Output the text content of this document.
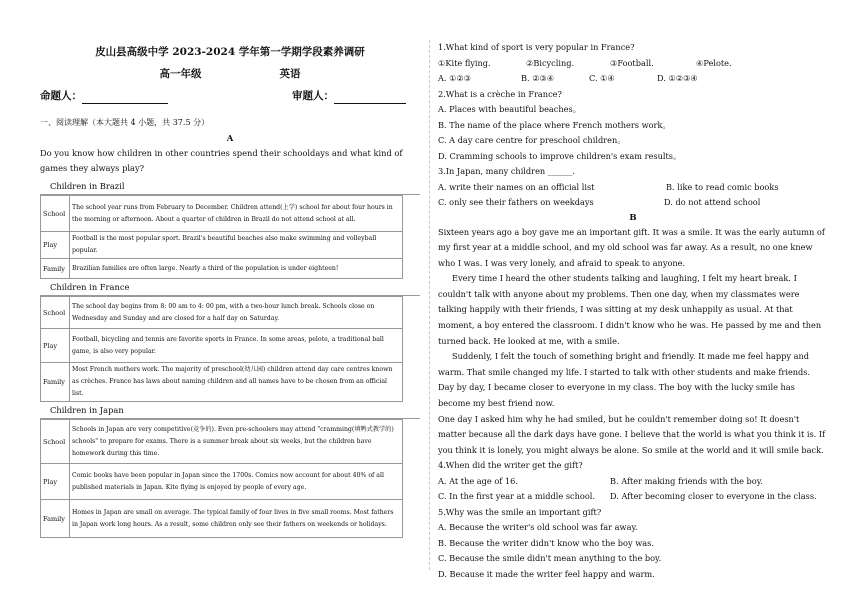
皮山县高级中学 2023-2024 学年第一学期学段素养调研
高一年级	英语
命题人：	审题人：
一、阅读理解（本大题共 4 小题，共 37.5 分）
A
Do you know how children in other countries spend their schooldays and what kind of games they always play?
Children in Brazil
School	The school year runs from February to December. Children attend(上学) school for about four hours in the morning or afternoon. About a quarter of children in Brazil do not attend school at all.
Play	Football is the most popular sport. Brazil's beautiful beaches also make swimming and volleyball popular.
Family	Brazilian families are often large. Nearly a third of the population is under eighteen!
Children in France
School	The school day begins from 8: 00 am to 4: 00 pm, with a two-hour lunch break. Schools close on Wednesday and Sunday and are closed for a half day on Saturday.
Play	Football, bicycling and tennis are favorite sports in France. In some areas, pelote, a traditional ball game, is also very popular.
Family	Most French mothers work. The majority of preschool(幼儿园) children attend day care centres known as crèches. France has laws about naming children and all names have to be chosen from an official list.
Children in Japan
School	Schools in Japan are very competitive(竞争的). Even pre-schoolers may attend "cramming(填鸭式教学的) schools" to prepare for exams. There is a summer break about six weeks, but the children have homework during this time.
Play	Comic books have been popular in Japan since the 1700s. Comics now account for about 40% of all published materials in Japan. Kite flying is enjoyed by people of every age.
Family	Homes in Japan are small on average. The typical family of four lives in five small rooms. Most fathers in Japan work long hours. As a result, some children only see their fathers on weekends or holidays.
1.What kind of sport is very popular in France?
①Kite flying.	②Bicycling.	③Football.	④Pelote.
A. ①②③	B. ②③④	C. ①④	D. ①②③④
2.What is a crèche in France?
A. Places with beautiful beaches。
B. The name of the place where French mothers work。
C. A day care centre for preschool children。
D. Cramming schools to improve children's exam results。
3.In Japan, many children ______.
A. write their names on an official list	B. like to read comic books
C. only see their fathers on weekdays	D. do not attend school
B
Sixteen years ago a boy gave me an important gift. It was a smile. It was the early autumn of my first year at a middle school, and my old school was far away. As a result, no one knew who I was. I was very lonely, and afraid to speak to anyone.
Every time I heard the other students talking and laughing, I felt my heart break. I couldn't talk with anyone about my problems. Then one day, when my classmates were talking happily with their friends, I was sitting at my desk unhappily as usual. At that moment, a boy entered the classroom. I didn't know who he was. He passed by me and then turned back. He looked at me, with a smile.
Suddenly, I felt the touch of something bright and friendly. It made me feel happy and warm. That smile changed my life. I started to talk with other students and make friends. Day by day, I became closer to everyone in my class. The boy with the lucky smile has become my best friend now.
One day I asked him why he had smiled, but he couldn't remember doing so! It doesn't matter because all the dark days have gone. I believe that the world is what you think it is. If you think it is lonely, you might always be alone. So smile at the world and it will smile back.
4.When did the writer get the gift?
A. At the age of 16.	B. After making friends with the boy.
C. In the first year at a middle school.	D. After becoming closer to everyone in the class.
5.Why was the smile an important gift?
A. Because the writer's old school was far away.
B. Because the writer didn't know who the boy was.
C. Because the smile didn't mean anything to the boy.
D. Because it made the writer feel happy and warm.
